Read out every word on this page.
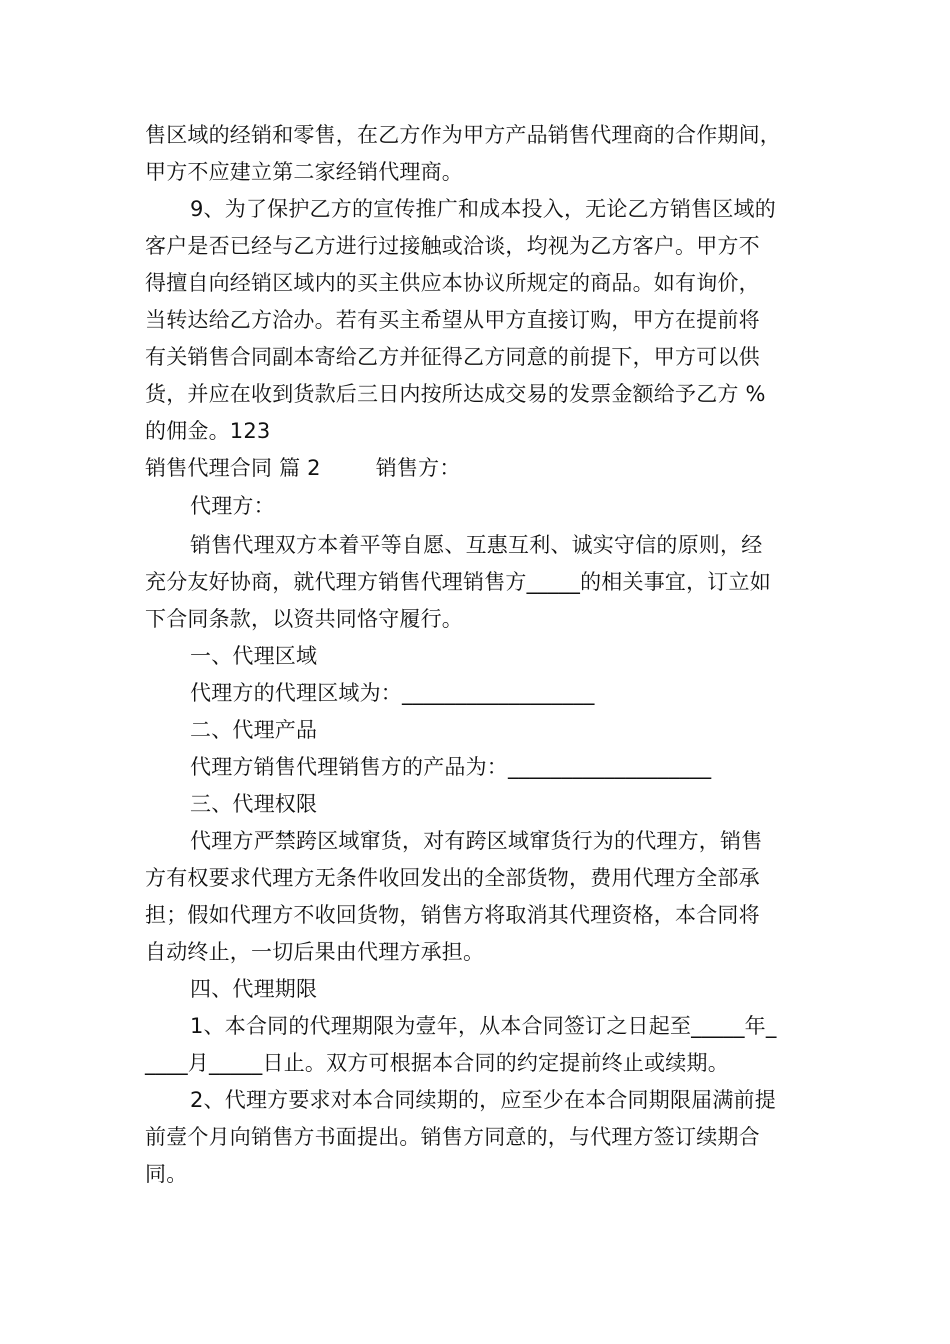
售区域的经销和零售，在乙方作为甲方产品销售代理商的合作期间，
甲方不应建立第二家经销代理商。
9、为了保护乙方的宣传推广和成本投入，无论乙方销售区域的
客户是否已经与乙方进行过接触或洽谈，均视为乙方客户。甲方不
得擅自向经销区域内的买主供应本协议所规定的商品。如有询价，
当转达给乙方洽办。若有买主希望从甲方直接订购，甲方在提前将
有关销售合同副本寄给乙方并征得乙方同意的前提下，甲方可以供
货，并应在收到货款后三日内按所达成交易的发票金额给予乙方 %
的佣金。123
销售代理合同 篇 2        销售方：
代理方：
销售代理双方本着平等自愿、互惠互利、诚实守信的原则，经
充分友好协商，就代理方销售代理销售方_____的相关事宜，订立如
下合同条款，以资共同恪守履行。
一、代理区域
代理方的代理区域为：__________________
二、代理产品
代理方销售代理销售方的产品为：___________________
三、代理权限
代理方严禁跨区域窜货，对有跨区域窜货行为的代理方，销售
方有权要求代理方无条件收回发出的全部货物，费用代理方全部承
担；假如代理方不收回货物，销售方将取消其代理资格，本合同将
自动终止，一切后果由代理方承担。
四、代理期限
1、本合同的代理期限为壹年，从本合同签订之日起至_____年_
____月_____日止。双方可根据本合同的约定提前终止或续期。
2、代理方要求对本合同续期的，应至少在本合同期限届满前提
前壹个月向销售方书面提出。销售方同意的，与代理方签订续期合
同。
